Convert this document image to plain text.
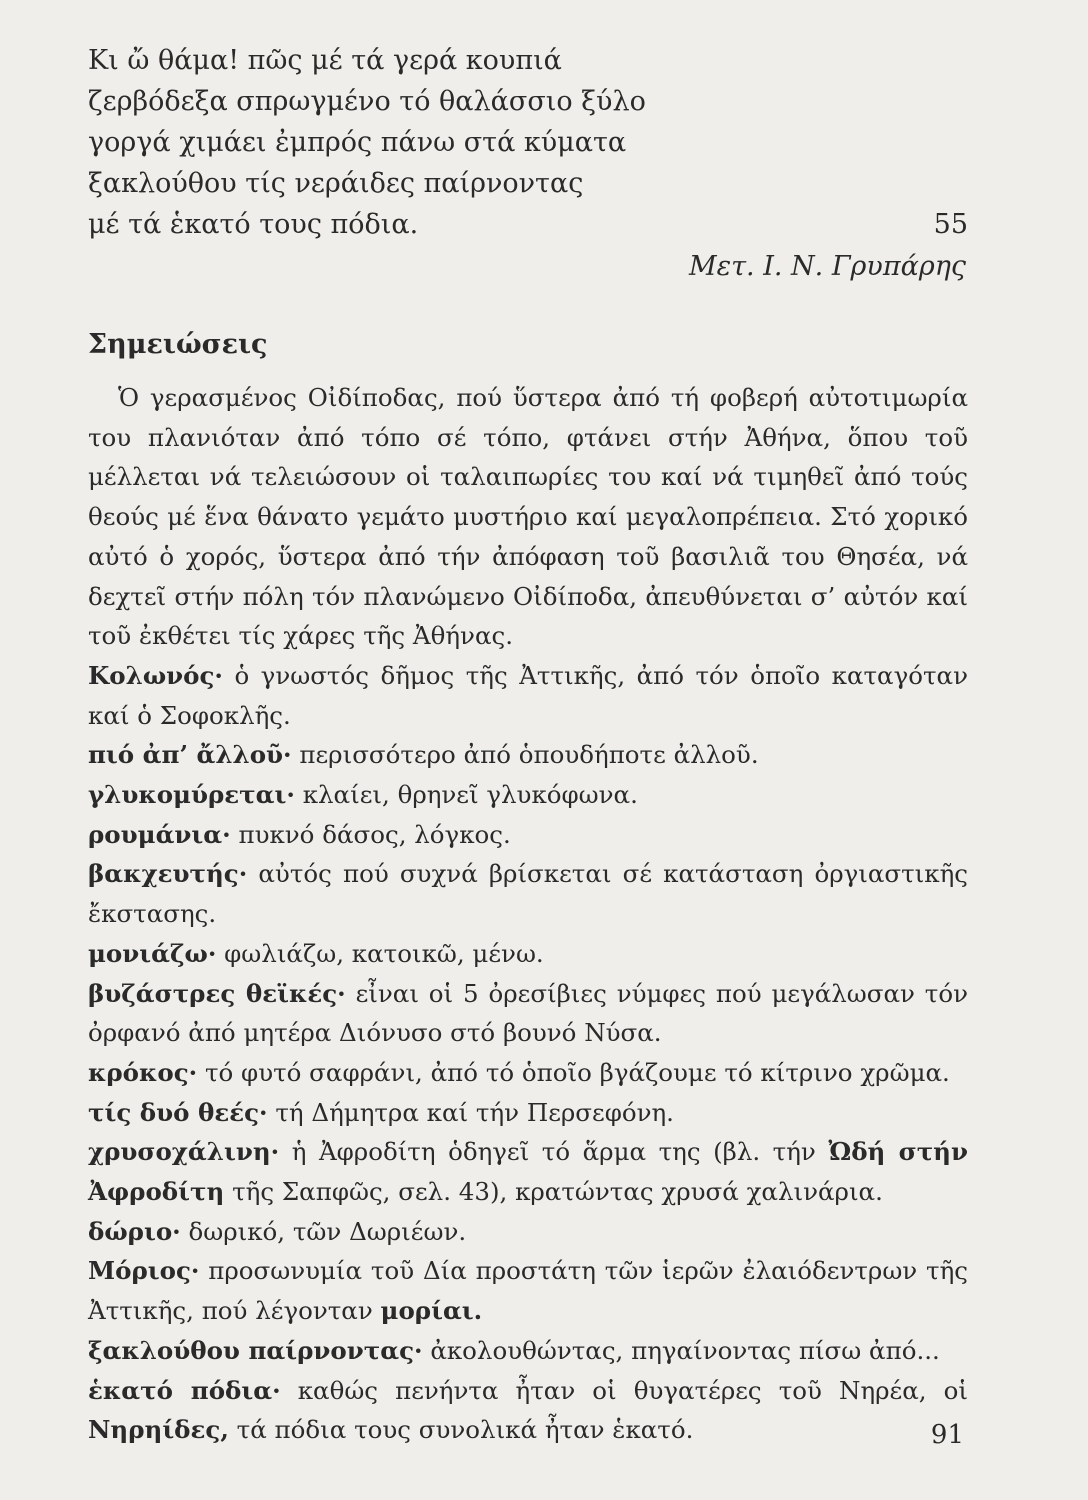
Κι ὤ θάμα! πῶς μέ τά γερά κουπιά
ζερβόδεξα σπρωγμένο τό θαλάσσιο ξύλο
γοργά χιμάει ἐμπρός πάνω στά κύματα
ξακλούθου τίς νεράιδες παίρνοντας
μέ τά ἑκατό τους πόδια.	55
Μετ. Ι. Ν. Γρυπάρης
Σημειώσεις

Ὁ γερασμένος Οἰδίποδας, πού ὕστερα ἀπό τή φοβερή αὐτοτιμωρία του πλανιόταν ἀπό τόπο σέ τόπο, φτάνει στήν Ἀθήνα, ὅπου τοῦ μέλλεται νά τελειώσουν οἱ ταλαιπωρίες του καί νά τιμηθεῖ ἀπό τούς θεούς μέ ἕνα θάνατο γεμάτο μυστήριο καί μεγαλοπρέπεια. Στό χορικό αὐτό ὁ χορός, ὕστερα ἀπό τήν ἀπόφαση τοῦ βασιλιᾶ του Θησέα, νά δεχτεῖ στήν πόλη τόν πλανώμενο Οἰδίποδα, ἀπευθύνεται σ’ αὐτόν καί τοῦ ἐκθέτει τίς χάρες τῆς Ἀθήνας.

Κολωνός· ὁ γνωστός δῆμος τῆς Ἀττικῆς, ἀπό τόν ὁποῖο καταγόταν καί ὁ Σοφοκλῆς.

πιό ἀπ’ ἄλλοῦ· περισσότερο ἀπό ὁπουδήποτε ἀλλοῦ.

γλυκομύρεται· κλαίει, θρηνεῖ γλυκόφωνα.

ρουμάνια· πυκνό δάσος, λόγκος.

βακχευτής· αὐτός πού συχνά βρίσκεται σέ κατάσταση ὀργιαστικῆς ἔκστασης.

μονιάζω· φωλιάζω, κατοικῶ, μένω.

βυζάστρες θεϊκές· εἶναι οἱ 5 ὀρεσίβιες νύμφες πού μεγάλωσαν τόν ὀρφανό ἀπό μητέρα Διόνυσο στό βουνό Νύσα.

κρόκος· τό φυτό σαφράνι, ἀπό τό ὁποῖο βγάζουμε τό κίτρινο χρῶμα.

τίς δυό θεές· τή Δήμητρα καί τήν Περσεφόνη.

χρυσοχάλινη· ἡ Ἀφροδίτη ὁδηγεῖ τό ἅρμα της (βλ. τήν Ὠδή στήν Ἀφροδίτη τῆς Σαπφῶς, σελ. 43), κρατώντας χρυσά χαλινάρια.

δώριο· δωρικό, τῶν Δωριέων.

Μόριος· προσωνυμία τοῦ Δία προστάτη τῶν ἱερῶν ἐλαιόδεντρων τῆς Ἀττικῆς, πού λέγονταν μορίαι.

ξακλούθου παίρνοντας· ἀκολουθώντας, πηγαίνοντας πίσω ἀπό...

ἑκατό πόδια· καθώς πενήντα ἦταν οἱ θυγατέρες τοῦ Νηρέα, οἱ Νηρηίδες, τά πόδια τους συνολικά ἦταν ἑκατό.	91
